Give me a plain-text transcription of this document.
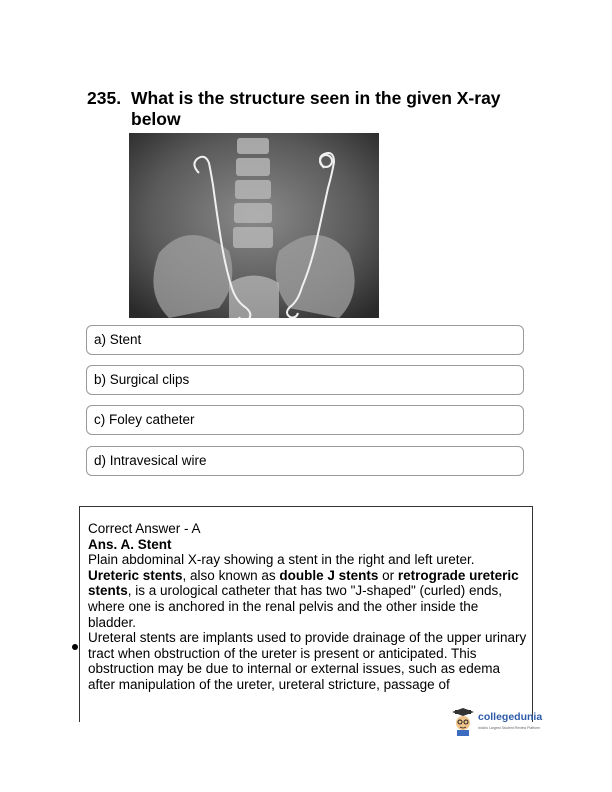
235. What is the structure seen in the given X-ray below
a) Stent
b) Surgical clips
c) Foley catheter
d) Intravesical wire

Correct Answer - A

Ans. A. Stent

Plain abdominal X-ray showing a stent in the right and left ureter.

Ureteric stents, also known as double J stents or retrograde ureteric stents, is a urological catheter that has two "J-shaped" (curled) ends, where one is anchored in the renal pelvis and the other inside the bladder.

Ureteral stents are implants used to provide drainage of the upper urinary tract when obstruction of the ureter is present or anticipated. This obstruction may be due to internal or external issues, such as edema after manipulation of the ureter, ureteral stricture, passage of

collegedunia
India's Largest Student Review Platform
